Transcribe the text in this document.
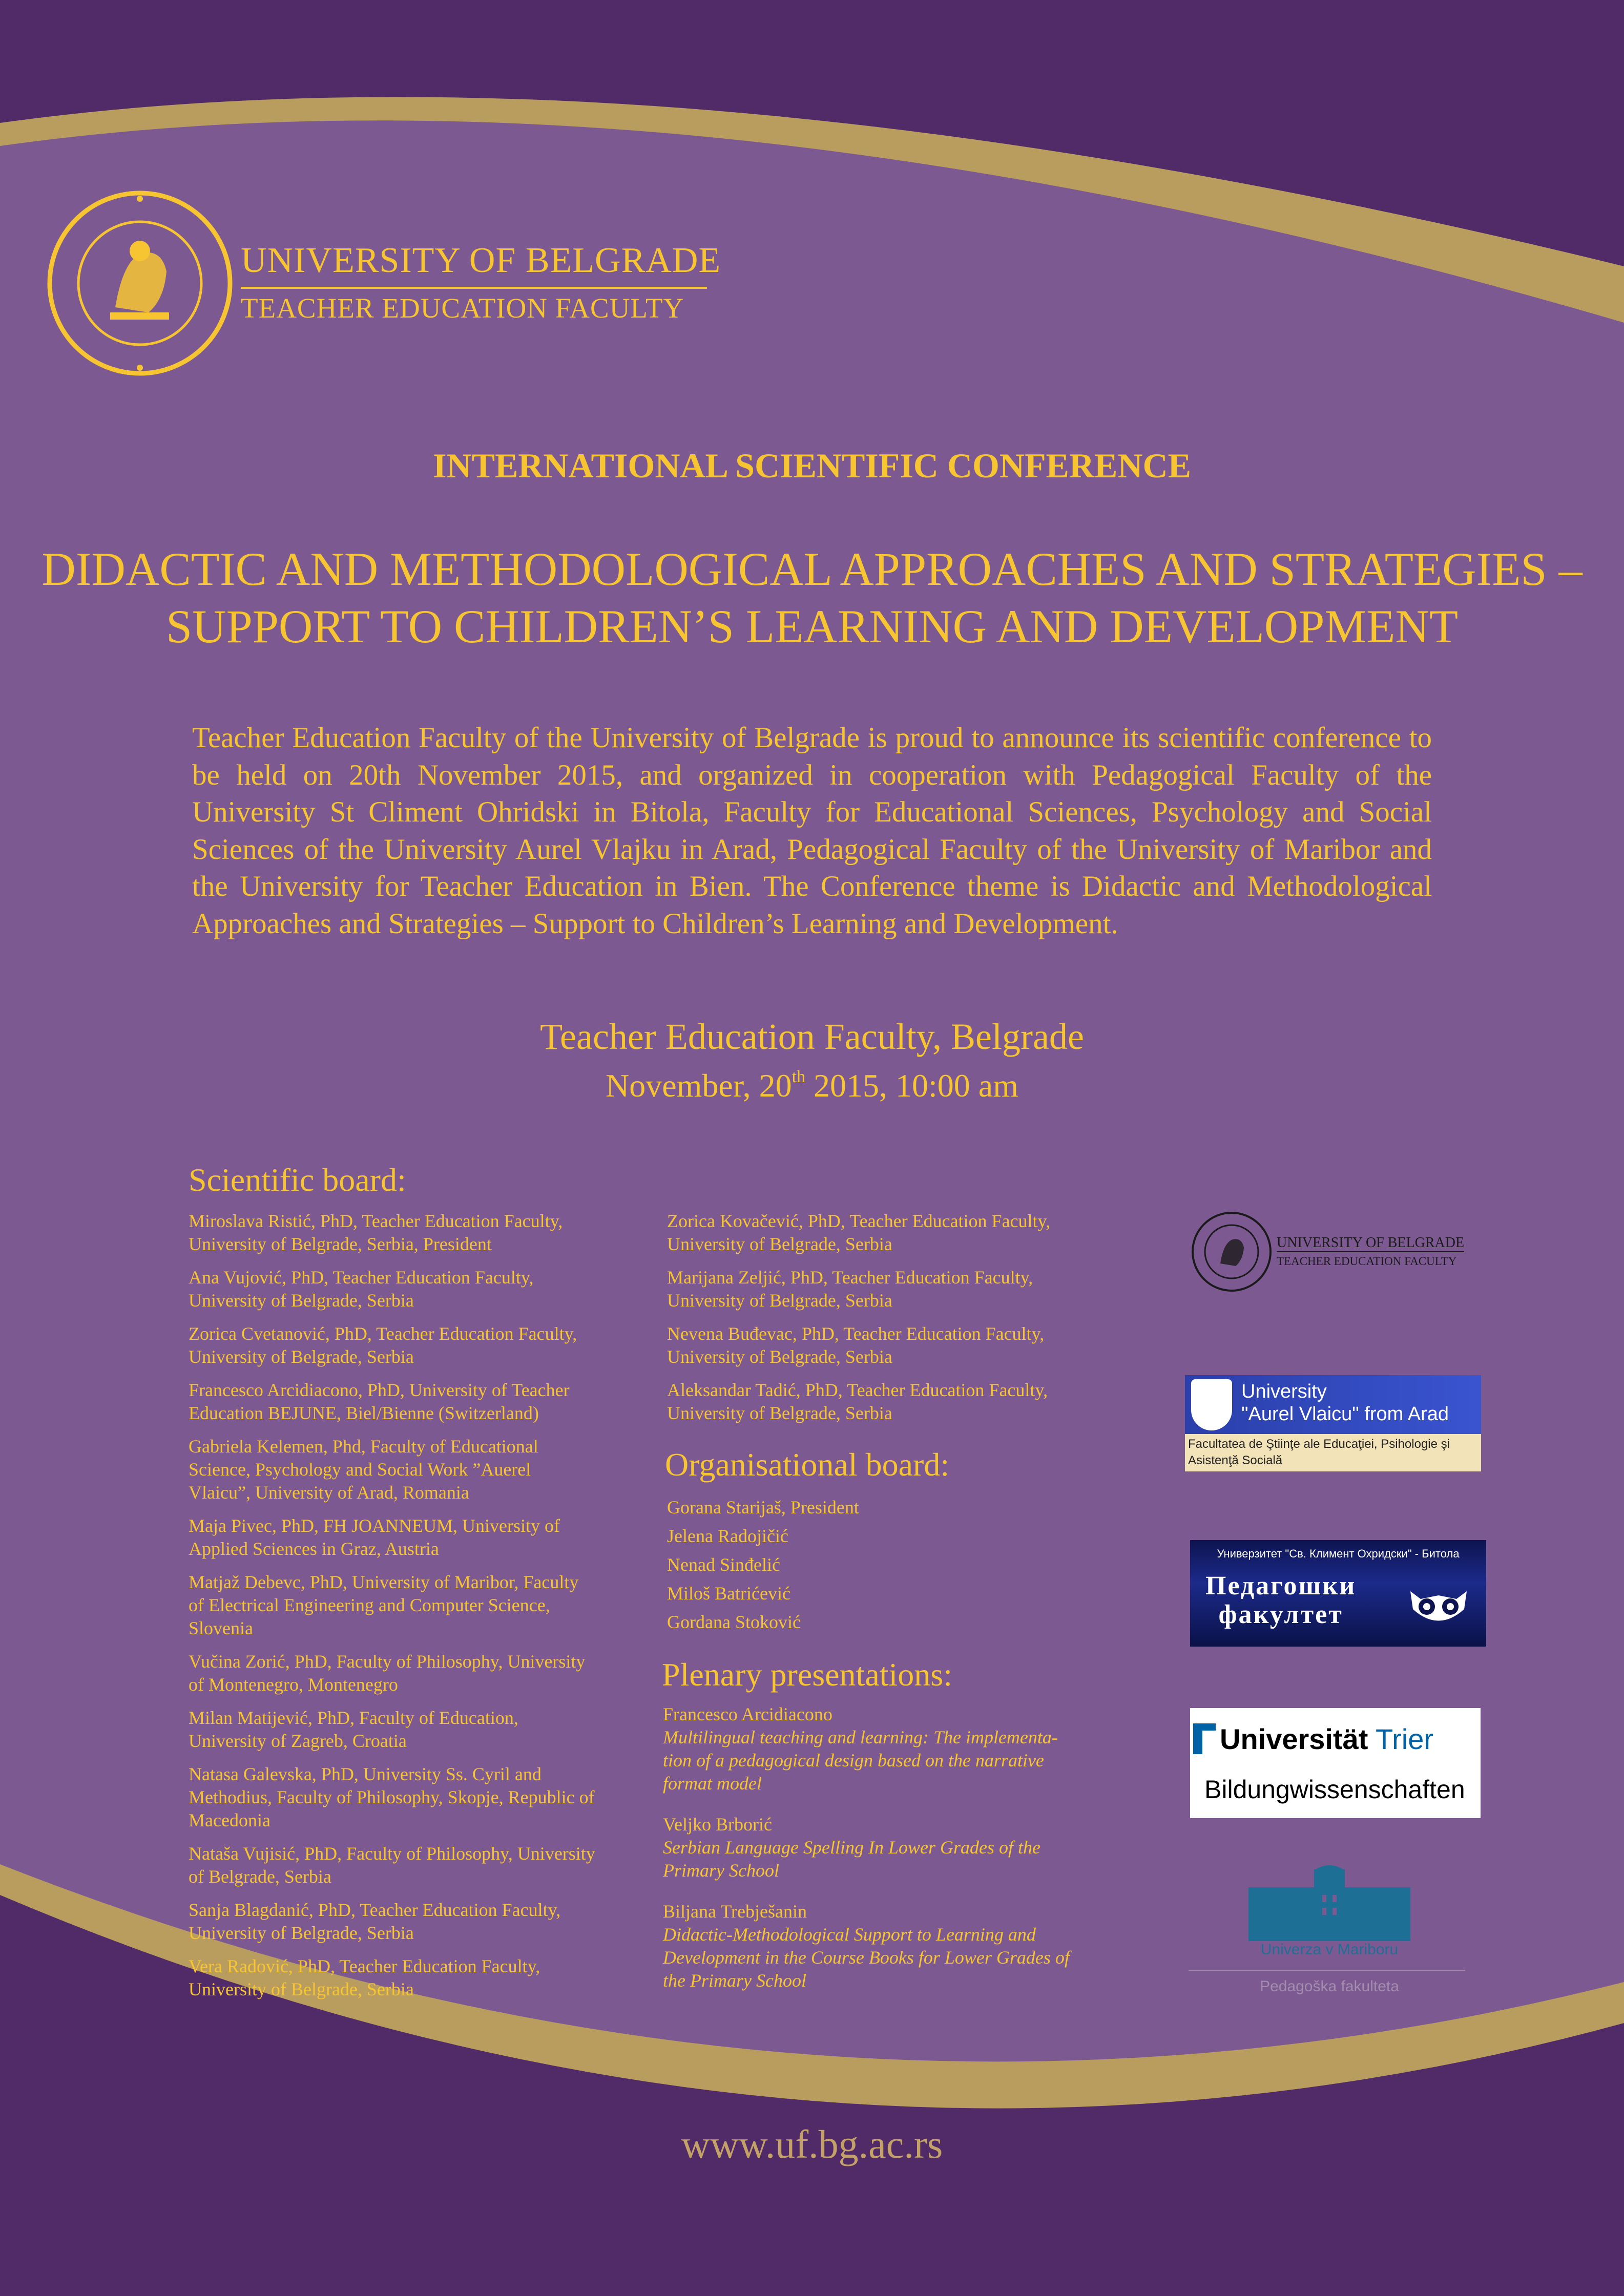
UNIVERSITY OF BELGRADE
TEACHER EDUCATION FACULTY
INTERNATIONAL SCIENTIFIC CONFERENCE
DIDACTIC AND METHODOLOGICAL APPROACHES AND STRATEGIES –
SUPPORT TO CHILDREN’S LEARNING AND DEVELOPMENT
Teacher Education Faculty of the University of Belgrade is proud to announce its scientific conference to be held on 20th November 2015, and organized in cooperation with Pedagogical Faculty of the University St Climent Ohridski in Bitola, Faculty for Educational Sciences, Psychology and Social Sciences of the University Aurel Vlajku in Arad, Pedagogical Faculty of the University of Maribor and the University for Teacher Education in Bien. The Conference theme is Didactic and Methodological Approaches and Strategies – Support to Children’s Learning and Development.
Teacher Education Faculty, Belgrade
November, 20th 2015, 10:00 am
Scientific board:
Miroslava Ristić, PhD, Teacher Education Faculty,
University of Belgrade, Serbia, President
Ana Vujović, PhD, Teacher Education Faculty,
University of Belgrade, Serbia
Zorica Cvetanović, PhD, Teacher Education Faculty,
University of Belgrade, Serbia
Francesco Arcidiacono, PhD, University of Teacher
Education BEJUNE, Biel/Bienne (Switzerland)
Gabriela Kelemen, Phd, Faculty of Educational
Science, Psychology and Social Work ”Auerel
Vlaicu”, University of Arad, Romania
Maja Pivec, PhD, FH JOANNEUM, University of
Applied Sciences in Graz, Austria
Matjaž Debevc, PhD, University of Maribor, Faculty
of Electrical Engineering and Computer Science,
Slovenia
Vučina Zorić, PhD, Faculty of Philosophy, University
of Montenegro, Montenegro
Milan Matijević, PhD, Faculty of Education,
University of Zagreb, Croatia
Natasa Galevska, PhD, University Ss. Cyril and
Methodius, Faculty of Philosophy, Skopje, Republic of
Macedonia
Nataša Vujisić, PhD, Faculty of Philosophy, University
of Belgrade, Serbia
Sanja Blagdanić, PhD, Teacher Education Faculty,
University of Belgrade, Serbia
Vera Radović, PhD, Teacher Education Faculty,
University of Belgrade, Serbia
Zorica Kovačević, PhD, Teacher Education Faculty,
University of Belgrade, Serbia
Marijana Zeljić, PhD, Teacher Education Faculty,
University of Belgrade, Serbia
Nevena Buđevac, PhD, Teacher Education Faculty,
University of Belgrade, Serbia
Aleksandar Tadić, PhD, Teacher Education Faculty,
University of Belgrade, Serbia
Organisational board:
Gorana Starijaš, President
Jelena Radojičić
Nenad Sinđelić
Miloš Batrićević
Gordana Stoković
Plenary presentations:
Francesco Arcidiacono
Multilingual teaching and learning: The implementa-
tion of a pedagogical design based on the narrative
format model
Veljko Brborić
Serbian Language Spelling In Lower Grades of the
Primary School
Biljana Trebješanin
Didactic-Methodological Support to Learning and
Development in the Course Books for Lower Grades of
the Primary School
UNIVERSITY OF BELGRADE
TEACHER EDUCATION FACULTY
University
"Aurel Vlaicu" from Arad
Facultatea de Ştiinţe ale Educaţiei, Psihologie şi Asistenţă Socială
Универзитет "Св. Климент Охридски" - Битола
Педагошки
факултет
Universität Trier
Bildungwissenschaften
Univerza v Mariboru
Pedagoška fakulteta
www.uf.bg.ac.rs
